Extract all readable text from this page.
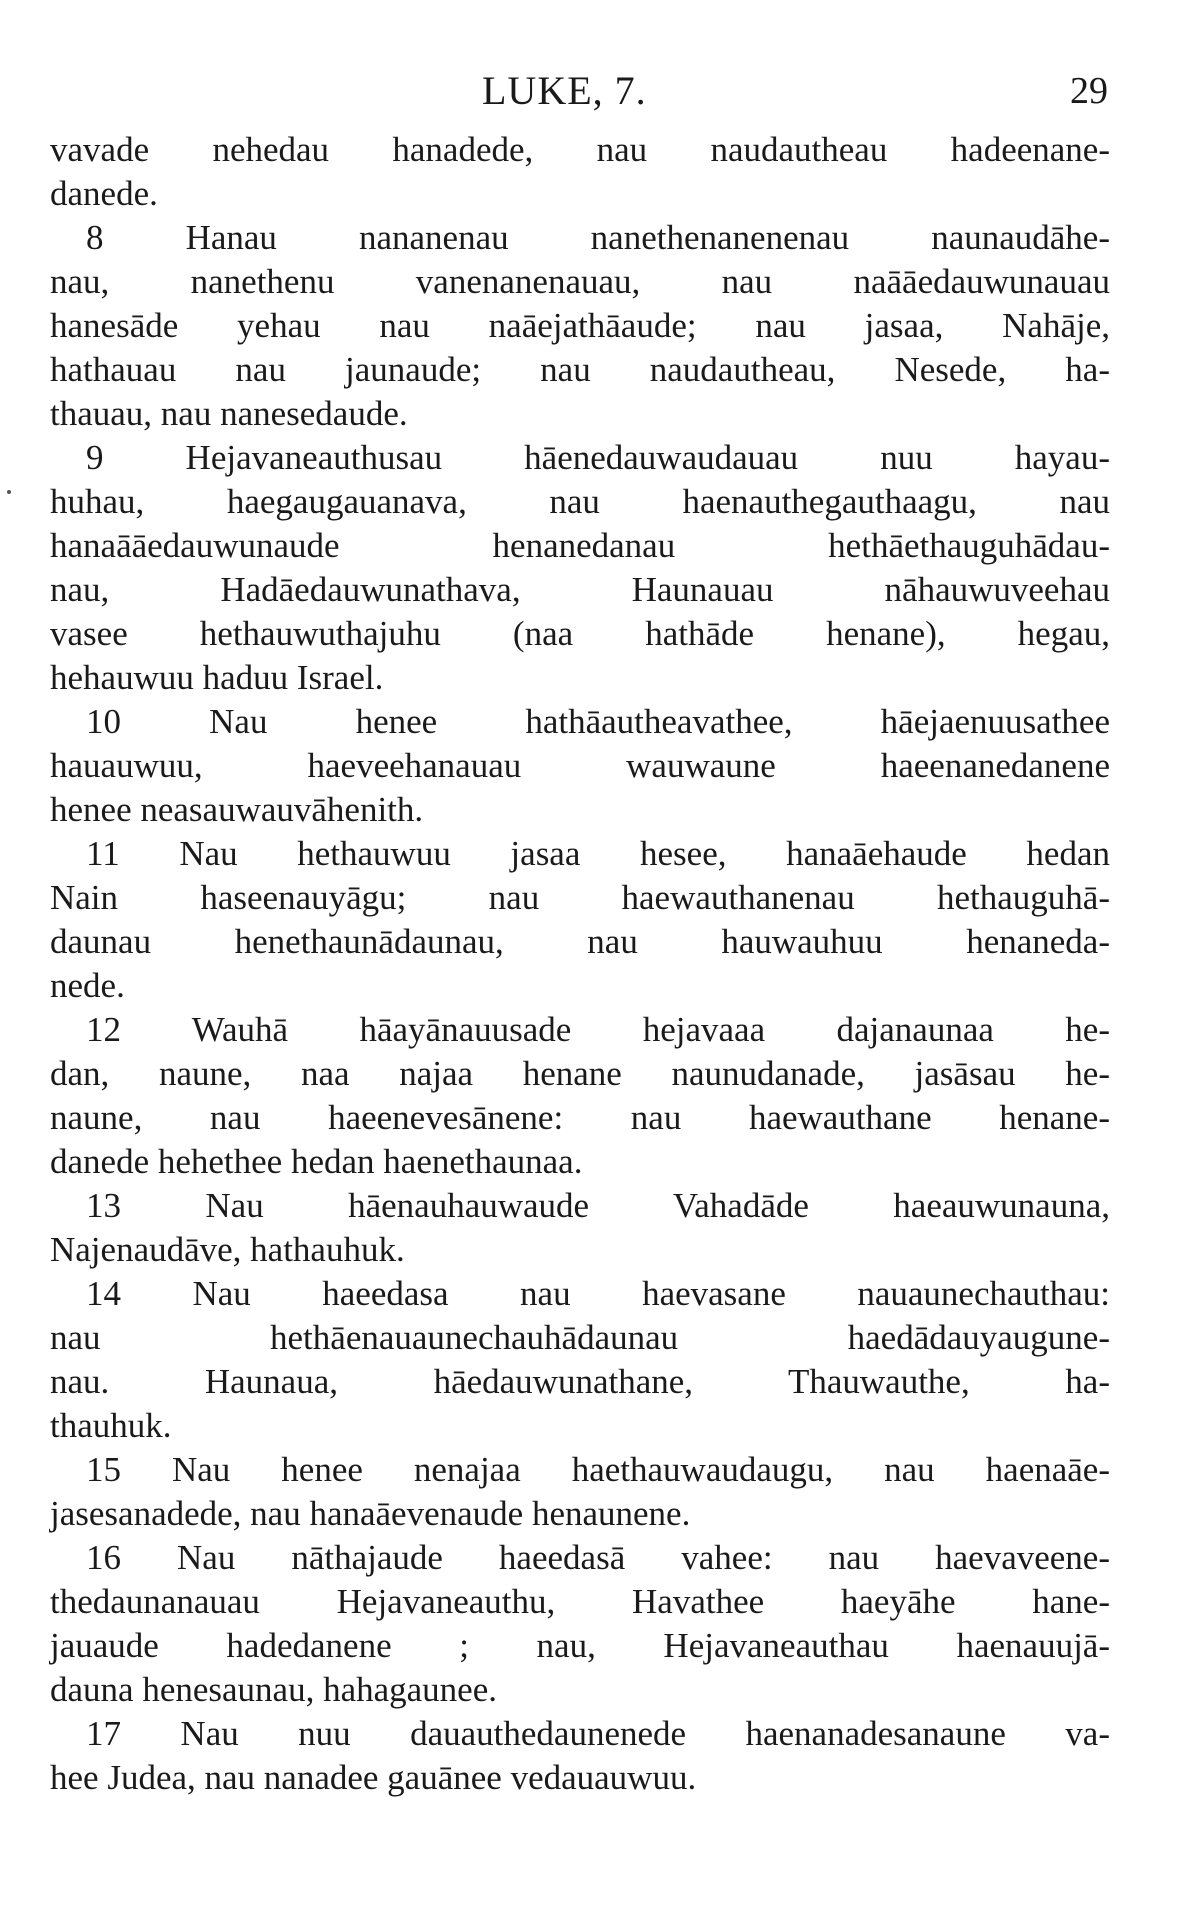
LUKE, 7.	29
vavade nehedau hanadede, nau naudautheau hadeenane-
danede.
8 Hanau nananenau nanethenanenenau naunaudāhe-
nau, nanethenu vanenanenauau, nau naāāedauwunauau
hanesāde yehau nau naāejathāaude; nau jasaa, Nahāje,
hathauau nau jaunaude; nau naudautheau, Nesede, ha-
thauau, nau nanesedaude.
9 Hejavaneauthusau hāenedauwaudauau nuu hayau-
huhau, haegaugauanava, nau haenauthegauthaagu, nau
hanaāāedauwunaude henanedanau hethāethauguhādau-
nau, Hadāedauwunathava, Haunauau nāhauwuveehau
vasee hethauwuthajuhu (naa hathāde henane), hegau,
hehauwuu haduu Israel.
10 Nau henee hathāautheavathee, hāejaenuusathee
hauauwuu, haeveehanauau wauwaune haeenanedanene
henee neasauwauvāhenith.
11 Nau hethauwuu jasaa hesee, hanaāehaude hedan
Nain haseenauyāgu; nau haewauthanenau hethauguhā-
daunau henethaunādaunau, nau hauwauhuu henaneda-
nede.
12 Wauhā hāayānauusade hejavaaa dajanaunaa he-
dan, naune, naa najaa henane naunudanade, jasāsau he-
naune, nau haeenevesānene: nau haewauthane henane-
danede hehethee hedan haenethaunaa.
13 Nau hāenauhauwaude Vahadāde haeauwunauna,
Najenaudāve, hathauhuk.
14 Nau haeedasa nau haevasane nauaunechauthau:
nau hethāenauaunechauhādaunau haedādauyaugune-
nau. Haunaua, hāedauwunathane, Thauwauthe, ha-
thauhuk.
15 Nau henee nenajaa haethauwaudaugu, nau haenaāe-
jasesanadede, nau hanaāevenaude henaunene.
16 Nau nāthajaude haeedasā vahee: nau haevaveene-
thedaunanauau Hejavaneauthu, Havathee haeyāhe hane-
jauaude hadedanene ; nau, Hejavaneauthau haenauujā-
dauna henesaunau, hahagaunee.
17 Nau nuu dauauthedaunenede haenanadesanaune va-
hee Judea, nau nanadee gauānee vedauauwuu.
